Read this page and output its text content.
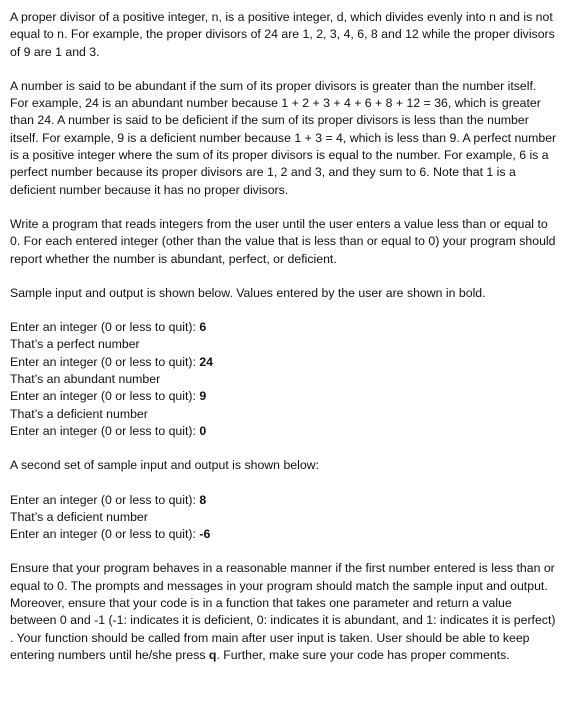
A proper divisor of a positive integer, n, is a positive integer, d, which divides evenly into n and is not equal to n. For example, the proper divisors of 24 are 1, 2, 3, 4, 6, 8 and 12 while the proper divisors of 9 are 1 and 3.

A number is said to be abundant if the sum of its proper divisors is greater than the number itself. For example, 24 is an abundant number because 1 + 2 + 3 + 4 + 6 + 8 + 12 = 36, which is greater than 24. A number is said to be deficient if the sum of its proper divisors is less than the number itself. For example, 9 is a deficient number because 1 + 3 = 4, which is less than 9. A perfect number is a positive integer where the sum of its proper divisors is equal to the number. For example, 6 is a perfect number because its proper divisors are 1, 2 and 3, and they sum to 6. Note that 1 is a deficient number because it has no proper divisors.

Write a program that reads integers from the user until the user enters a value less than or equal to 0. For each entered integer (other than the value that is less than or equal to 0) your program should report whether the number is abundant, perfect, or deficient.

Sample input and output is shown below. Values entered by the user are shown in bold.

Enter an integer (0 or less to quit): 6
That’s a perfect number
Enter an integer (0 or less to quit): 24
That’s an abundant number
Enter an integer (0 or less to quit): 9
That’s a deficient number
Enter an integer (0 or less to quit): 0

A second set of sample input and output is shown below:

Enter an integer (0 or less to quit): 8
That’s a deficient number
Enter an integer (0 or less to quit): -6

Ensure that your program behaves in a reasonable manner if the first number entered is less than or equal to 0. The prompts and messages in your program should match the sample input and output. Moreover, ensure that your code is in a function that takes one parameter and return a value between 0 and -1 (-1: indicates it is deficient, 0: indicates it is abundant, and 1: indicates it is perfect) . Your function should be called from main after user input is taken. User should be able to keep entering numbers until he/she press q. Further, make sure your code has proper comments.
